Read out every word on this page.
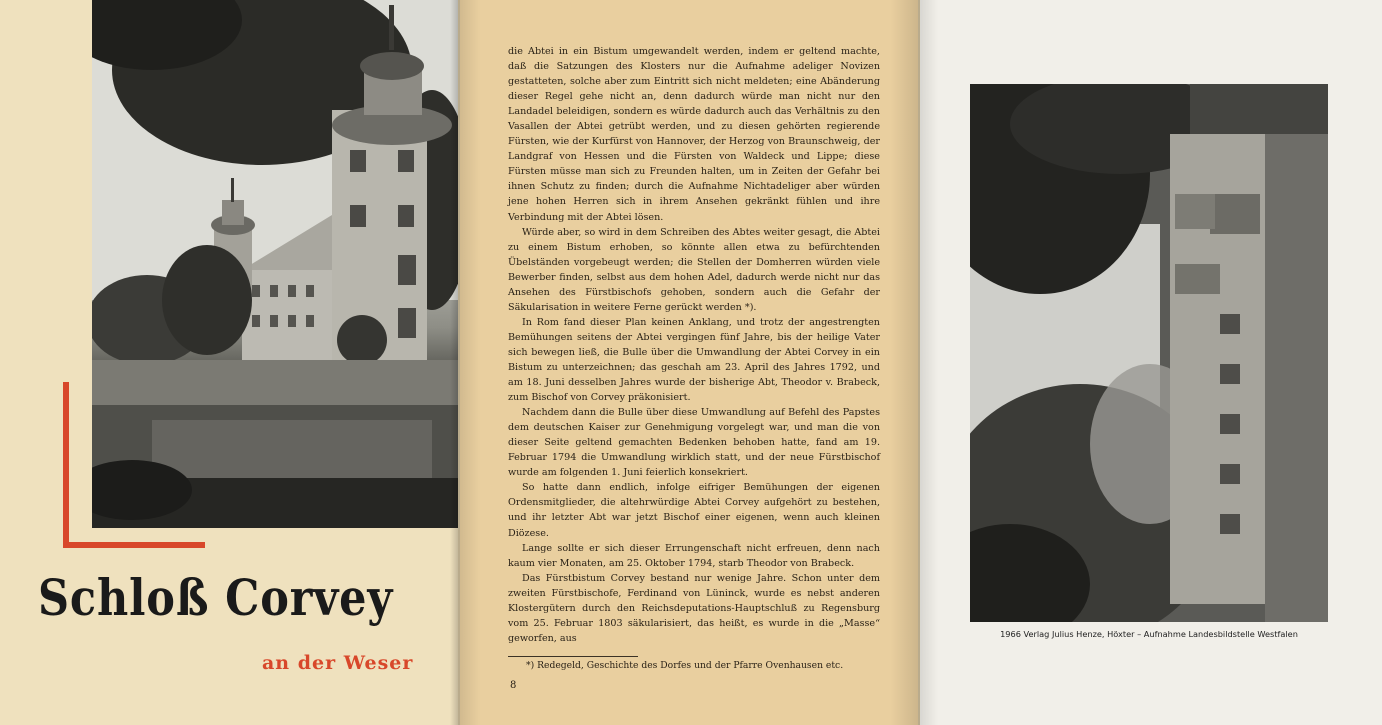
Schloß Corvey
an der Weser

die Abtei in ein Bistum umgewandelt werden, indem er geltend machte, daß die Satzungen des Klosters nur die Aufnahme adeliger Novizen gestatteten, solche aber zum Eintritt sich nicht meldeten; eine Abänderung dieser Regel gehe nicht an, denn dadurch würde man nicht nur den Landadel beleidigen, sondern es würde dadurch auch das Verhältnis zu den Vasallen der Abtei getrübt werden, und zu diesen gehörten regierende Fürsten, wie der Kurfürst von Hannover, der Herzog von Braunschweig, der Landgraf von Hessen und die Fürsten von Waldeck und Lippe; diese Fürsten müsse man sich zu Freunden halten, um in Zeiten der Gefahr bei ihnen Schutz zu finden; durch die Aufnahme Nichtadeliger aber würden jene hohen Herren sich in ihrem Ansehen gekränkt fühlen und ihre Verbindung mit der Abtei lösen.

Würde aber, so wird in dem Schreiben des Abtes weiter gesagt, die Abtei zu einem Bistum erhoben, so könnte allen etwa zu befürchtenden Übelständen vorgebeugt werden; die Stellen der Domherren würden viele Bewerber finden, selbst aus dem hohen Adel, dadurch werde nicht nur das Ansehen des Fürstbischofs gehoben, sondern auch die Gefahr der Säkularisation in weitere Ferne gerückt werden *).

In Rom fand dieser Plan keinen Anklang, und trotz der angestrengten Bemühungen seitens der Abtei vergingen fünf Jahre, bis der heilige Vater sich bewegen ließ, die Bulle über die Umwandlung der Abtei Corvey in ein Bistum zu unterzeichnen; das geschah am 23. April des Jahres 1792, und am 18. Juni desselben Jahres wurde der bisherige Abt, Theodor v. Brabeck, zum Bischof von Corvey präkonisiert.

Nachdem dann die Bulle über diese Umwandlung auf Befehl des Papstes dem deutschen Kaiser zur Genehmigung vorgelegt war, und man die von dieser Seite geltend gemachten Bedenken behoben hatte, fand am 19. Februar 1794 die Umwandlung wirklich statt, und der neue Fürstbischof wurde am folgenden 1. Juni feierlich konsekriert.

So hatte dann endlich, infolge eifriger Bemühungen der eigenen Ordensmitglieder, die altehrwürdige Abtei Corvey aufgehört zu bestehen, und ihr letzter Abt war jetzt Bischof einer eigenen, wenn auch kleinen Diözese.

Lange sollte er sich dieser Errungenschaft nicht erfreuen, denn nach kaum vier Monaten, am 25. Oktober 1794, starb Theodor von Brabeck.

Das Fürstbistum Corvey bestand nur wenige Jahre. Schon unter dem zweiten Fürstbischofe, Ferdinand von Lüninck, wurde es nebst anderen Klostergütern durch den Reichsdeputations-Hauptschluß zu Regensburg vom 25. Februar 1803 säkularisiert, das heißt, es wurde in die „Masse“ geworfen, aus

*) Redegeld, Geschichte des Dorfes und der Pfarre Ovenhausen etc.
8
1966 Verlag Julius Henze, Höxter – Aufnahme Landesbildstelle Westfalen
